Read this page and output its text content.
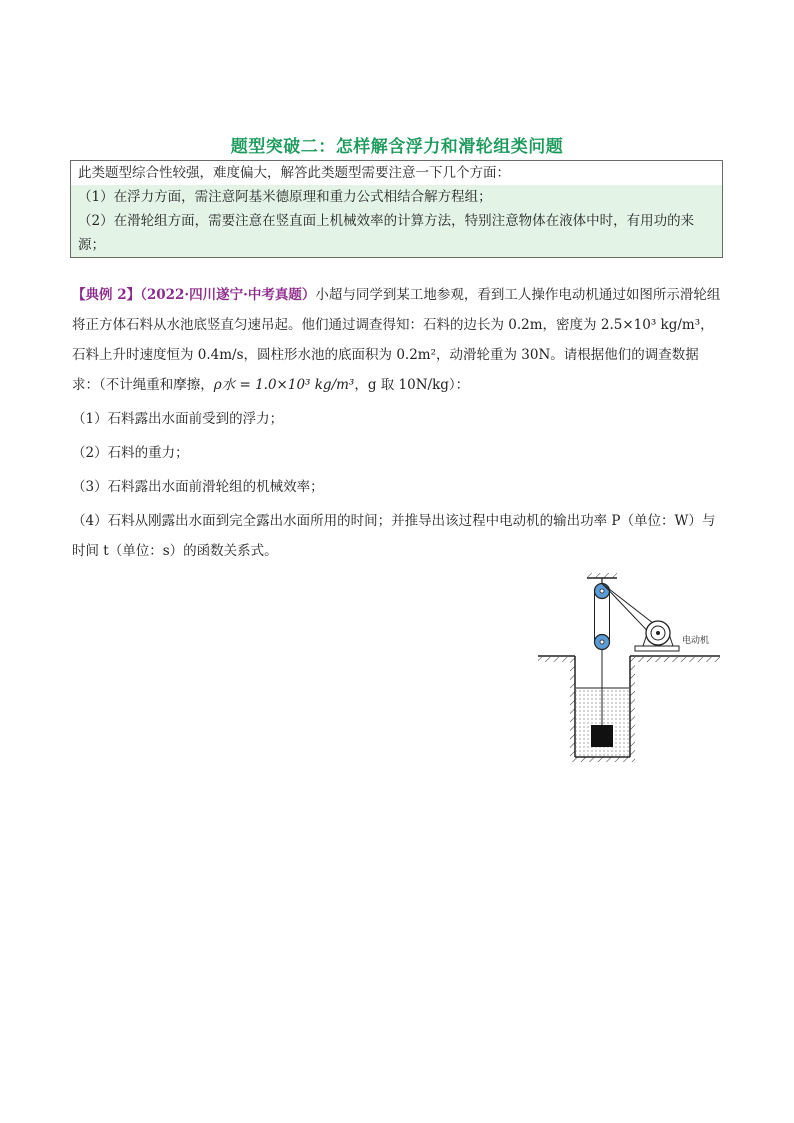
题型突破二：怎样解含浮力和滑轮组类问题
此类题型综合性较强，难度偏大，解答此类题型需要注意一下几个方面：
（1）在浮力方面，需注意阿基米德原理和重力公式相结合解方程组；
（2）在滑轮组方面，需要注意在竖直面上机械效率的计算方法，特别注意物体在液体中时，有用功的来源；
【典例 2】（2022·四川遂宁·中考真题）小超与同学到某工地参观，看到工人操作电动机通过如图所示滑轮组将正方体石料从水池底竖直匀速吊起。他们通过调查得知：石料的边长为 0.2m，密度为 2.5×10³ kg/m³，石料上升时速度恒为 0.4m/s，圆柱形水池的底面积为 0.2m²，动滑轮重为 30N。请根据他们的调查数据求：（不计绳重和摩擦，ρ水 = 1.0×10³ kg/m³，g 取 10N/kg）：
（1）石料露出水面前受到的浮力；
（2）石料的重力；
（3）石料露出水面前滑轮组的机械效率；
（4）石料从刚露出水面到完全露出水面所用的时间；并推导出该过程中电动机的输出功率 P（单位：W）与时间 t（单位：s）的函数关系式。
电动机
